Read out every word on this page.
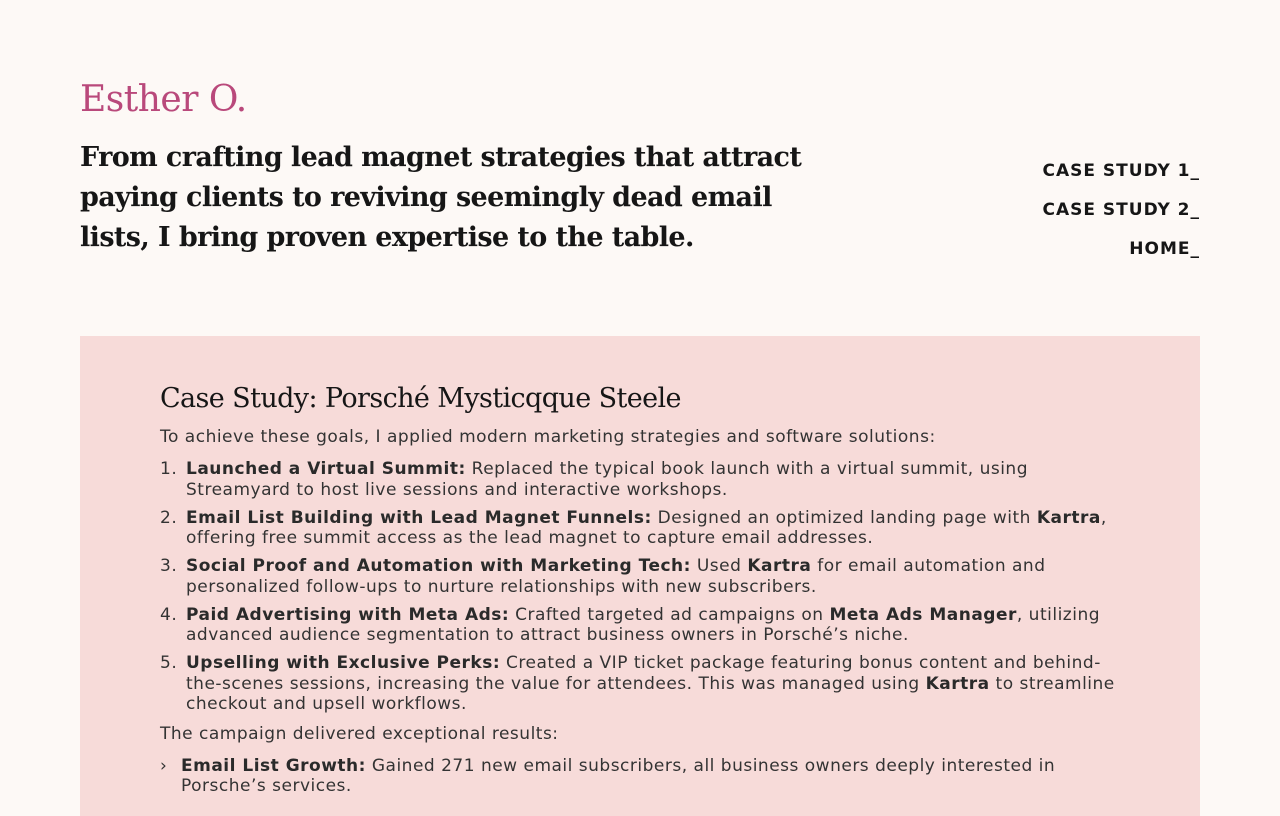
Esther O.
From crafting lead magnet strategies that attract paying clients to reviving seemingly dead email lists, I bring proven expertise to the table.
CASE STUDY 1_
CASE STUDY 2_
HOME_
Case Study: Porsché Mysticqque Steele

To achieve these goals, I applied modern marketing strategies and software solutions:

1. Launched a Virtual Summit: Replaced the typical book launch with a virtual summit, using Streamyard to host live sessions and interactive workshops.
2. Email List Building with Lead Magnet Funnels: Designed an optimized landing page with Kartra, offering free summit access as the lead magnet to capture email addresses.
3. Social Proof and Automation with Marketing Tech: Used Kartra for email automation and personalized follow-ups to nurture relationships with new subscribers.
4. Paid Advertising with Meta Ads: Crafted targeted ad campaigns on Meta Ads Manager, utilizing advanced audience segmentation to attract business owners in Porsché’s niche.
5. Upselling with Exclusive Perks: Created a VIP ticket package featuring bonus content and behind-the-scenes sessions, increasing the value for attendees. This was managed using Kartra to streamline checkout and upsell workflows.

The campaign delivered exceptional results:

› Email List Growth: Gained 271 new email subscribers, all business owners deeply interested in Porsche’s services.
